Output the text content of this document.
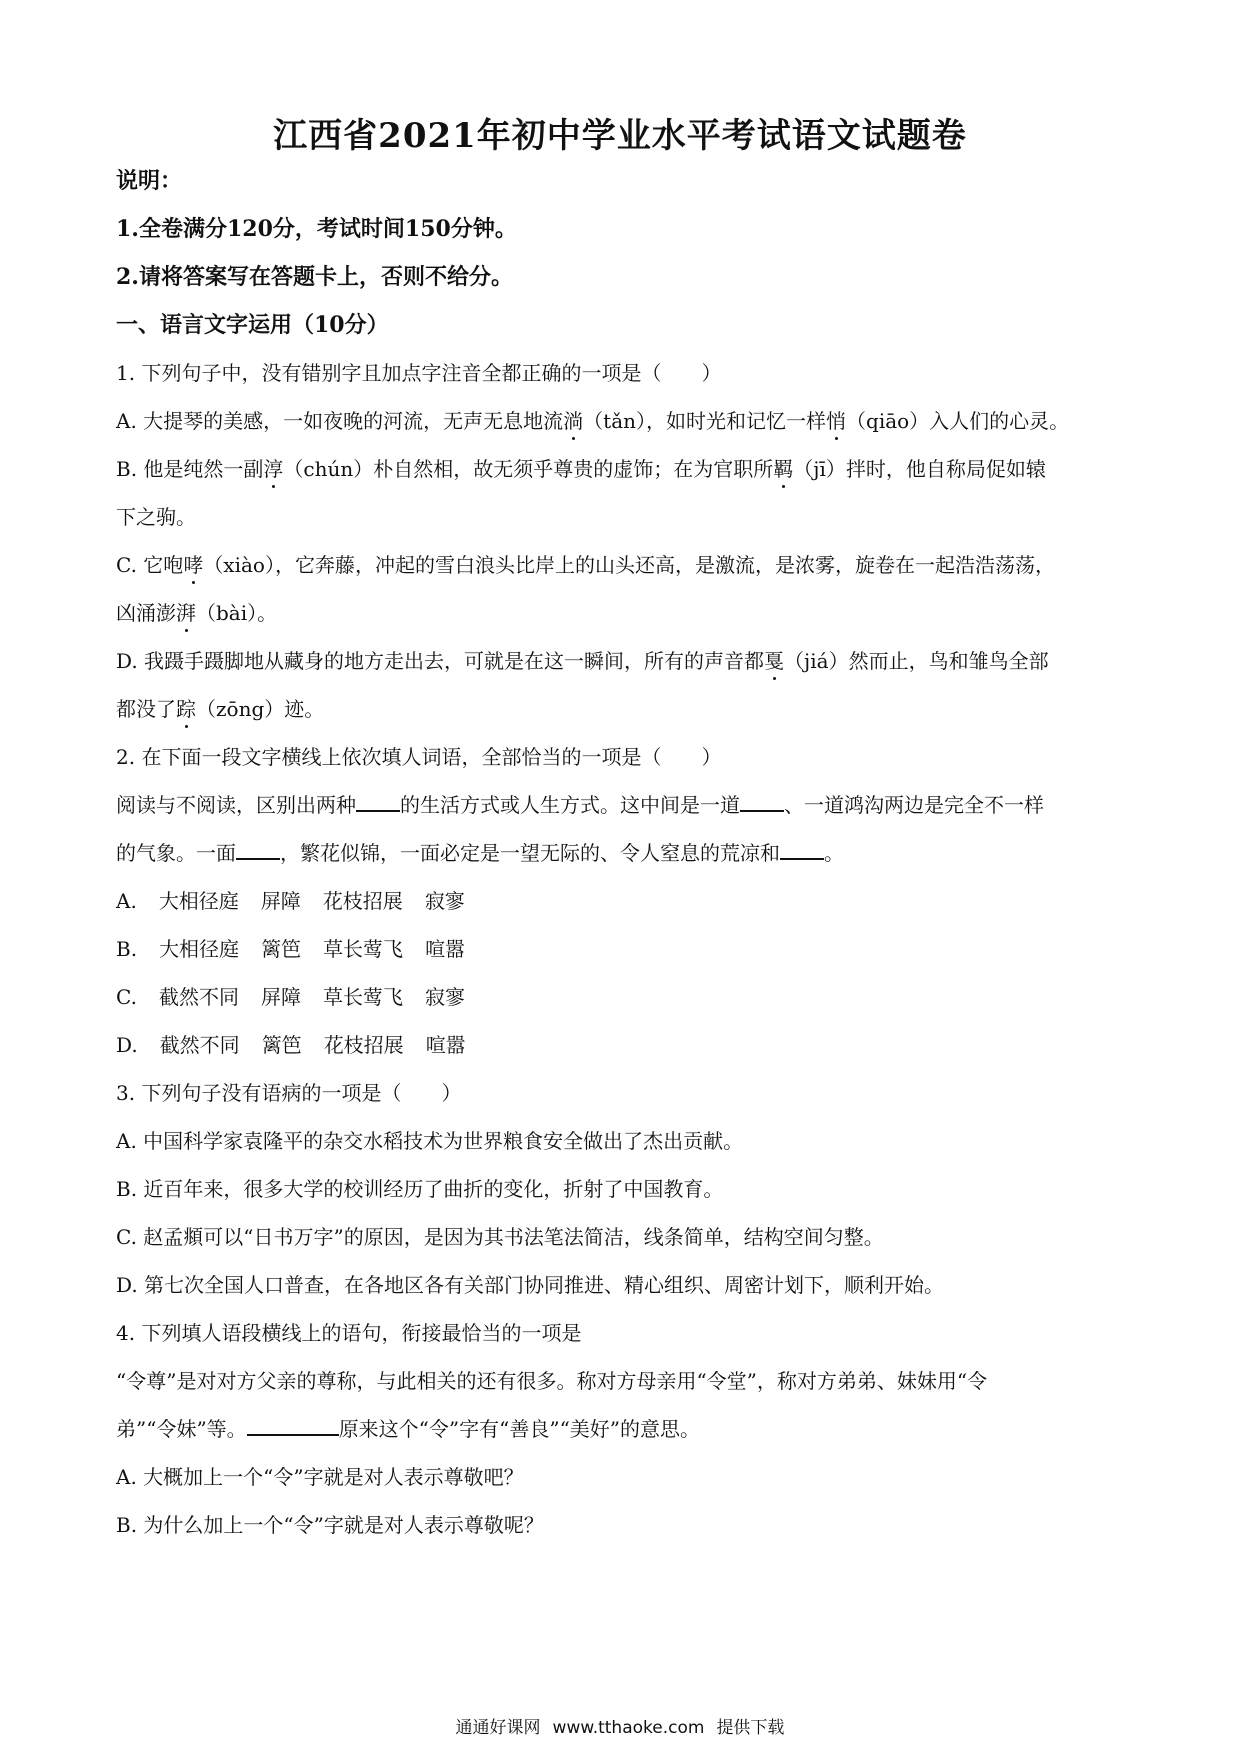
江西省2021年初中学业水平考试语文试题卷
说明：
1.全卷满分120分，考试时间150分钟。
2.请将答案写在答题卡上，否则不给分。
一、语言文字运用（10分）
1. 下列句子中，没有错别字且加点字注音全都正确的一项是（　　）
A. 大提琴的美感，一如夜晚的河流，无声无息地流淌（tǎn），如时光和记忆一样悄（qiāo）入人们的心灵。
B. 他是纯然一副淳（chún）朴自然相，故无须乎尊贵的虚饰；在为官职所羁（jī）拌时，他自称局促如辕
下之驹。
C. 它咆哮（xiào），它奔藤，冲起的雪白浪头比岸上的山头还高，是激流，是浓雾，旋卷在一起浩浩荡荡，
凶涌澎湃（bài）。
D. 我蹑手蹑脚地从藏身的地方走出去，可就是在这一瞬间，所有的声音都戛（jiá）然而止，鸟和雏鸟全部
都没了踪（zōng）迹。
2. 在下面一段文字横线上依次填人词语，全部恰当的一项是（　　）
阅读与不阅读，区别出两种 的生活方式或人生方式。这中间是一道 、一道鸿沟两边是完全不一样
的气象。一面 ，繁花似锦，一面必定是一望无际的、令人窒息的荒凉和 。
A. 大相径庭 屏障 花枝招展 寂寥
B. 大相径庭 篱笆 草长莺飞 喧嚣
C. 截然不同 屏障 草长莺飞 寂寥
D. 截然不同 篱笆 花枝招展 喧嚣
3. 下列句子没有语病的一项是（　　）
A. 中国科学家袁隆平的杂交水稻技术为世界粮食安全做出了杰出贡献。
B. 近百年来，很多大学的校训经历了曲折的变化，折射了中国教育。
C. 赵孟頫可以“日书万字”的原因，是因为其书法笔法简洁，线条简单，结构空间匀整。
D. 第七次全国人口普查，在各地区各有关部门协同推进、精心组织、周密计划下，顺利开始。
4. 下列填人语段横线上的语句，衔接最恰当的一项是
“令尊”是对对方父亲的尊称，与此相关的还有很多。称对方母亲用“令堂”，称对方弟弟、妹妹用“令
弟”“令妹”等。	原来这个“令”字有“善良”“美好”的意思。
A. 大概加上一个“令”字就是对人表示尊敬吧？
B. 为什么加上一个“令”字就是对人表示尊敬呢？
通通好课网 www.tthaoke.com 提供下载
